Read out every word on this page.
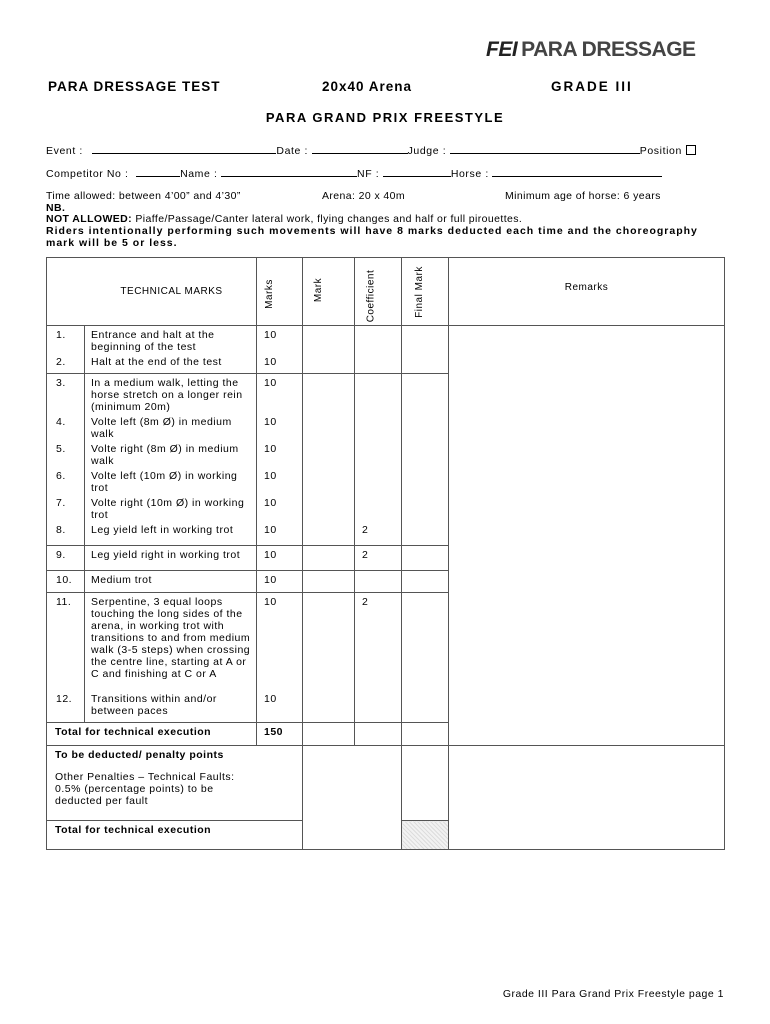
FEI PARA DRESSAGE
PARA DRESSAGE TEST	20x40 Arena	GRADE III
PARA GRAND PRIX FREESTYLE
Event :	Date :	Judge :	Position
Competitor No :	Name :	NF :	Horse :
Time allowed: between 4’00” and 4’30”	Arena: 20 x 40m	Minimum age of horse: 6 years
NB.
NOT ALLOWED: Piaffe/Passage/Canter lateral work, flying changes and half or full pirouettes.
Riders intentionally performing such movements will have 8 marks deducted each time and the choreography mark will be 5 or less.
TECHNICAL MARKS		Marks	Mark	Coefficient	Final Mark	Remarks
1.	Entrance and halt at the beginning of the test	10				
2.	Halt at the end of the test	10				
3.	In a medium walk, letting the horse stretch on a longer rein (minimum 20m)	10				
4.	Volte left (8m Ø) in medium walk	10				
5.	Volte right (8m Ø) in medium walk	10				
6.	Volte left (10m Ø) in working trot	10				
7.	Volte right (10m Ø) in working trot	10				
8.	Leg yield left in working trot	10		2		
9.	Leg yield right in working trot	10		2		
10.	Medium trot	10				
11.	Serpentine, 3 equal loops touching the long sides of the arena, in working trot with transitions to and from medium walk (3-5 steps) when crossing the centre line, starting at A or C and finishing at C or A	10		2		
12.	Transitions within and/or between paces	10				
Total for technical execution		150				

To be deducted/ penalty points
Other Penalties – Technical Faults: 0.5% (percentage points) to be deducted per fault						

Total for technical execution						
Grade III Para Grand Prix Freestyle page 1
